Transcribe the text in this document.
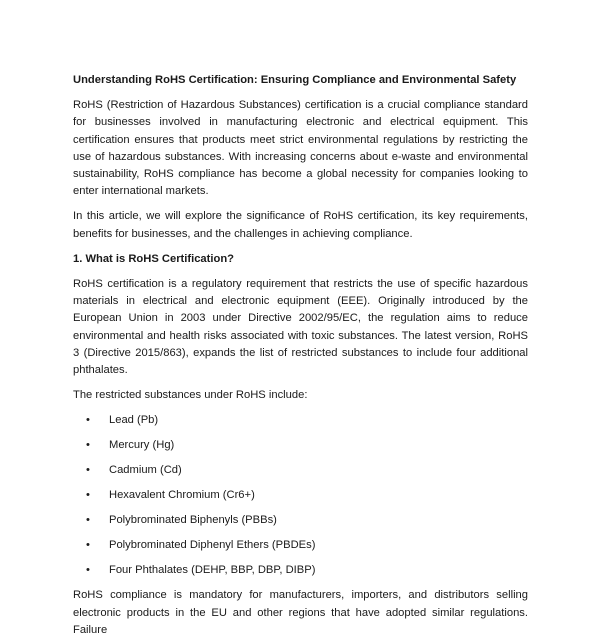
Understanding RoHS Certification: Ensuring Compliance and Environmental Safety

RoHS (Restriction of Hazardous Substances) certification is a crucial compliance standard for businesses involved in manufacturing electronic and electrical equipment. This certification ensures that products meet strict environmental regulations by restricting the use of hazardous substances. With increasing concerns about e-waste and environmental sustainability, RoHS compliance has become a global necessity for companies looking to enter international markets.

In this article, we will explore the significance of RoHS certification, its key requirements, benefits for businesses, and the challenges in achieving compliance.

1. What is RoHS Certification?

RoHS certification is a regulatory requirement that restricts the use of specific hazardous materials in electrical and electronic equipment (EEE). Originally introduced by the European Union in 2003 under Directive 2002/95/EC, the regulation aims to reduce environmental and health risks associated with toxic substances. The latest version, RoHS 3 (Directive 2015/863), expands the list of restricted substances to include four additional phthalates.

The restricted substances under RoHS include:

• Lead (Pb)
• Mercury (Hg)
• Cadmium (Cd)
• Hexavalent Chromium (Cr6+)
• Polybrominated Biphenyls (PBBs)
• Polybrominated Diphenyl Ethers (PBDEs)
• Four Phthalates (DEHP, BBP, DBP, DIBP)

RoHS compliance is mandatory for manufacturers, importers, and distributors selling electronic products in the EU and other regions that have adopted similar regulations. Failure
